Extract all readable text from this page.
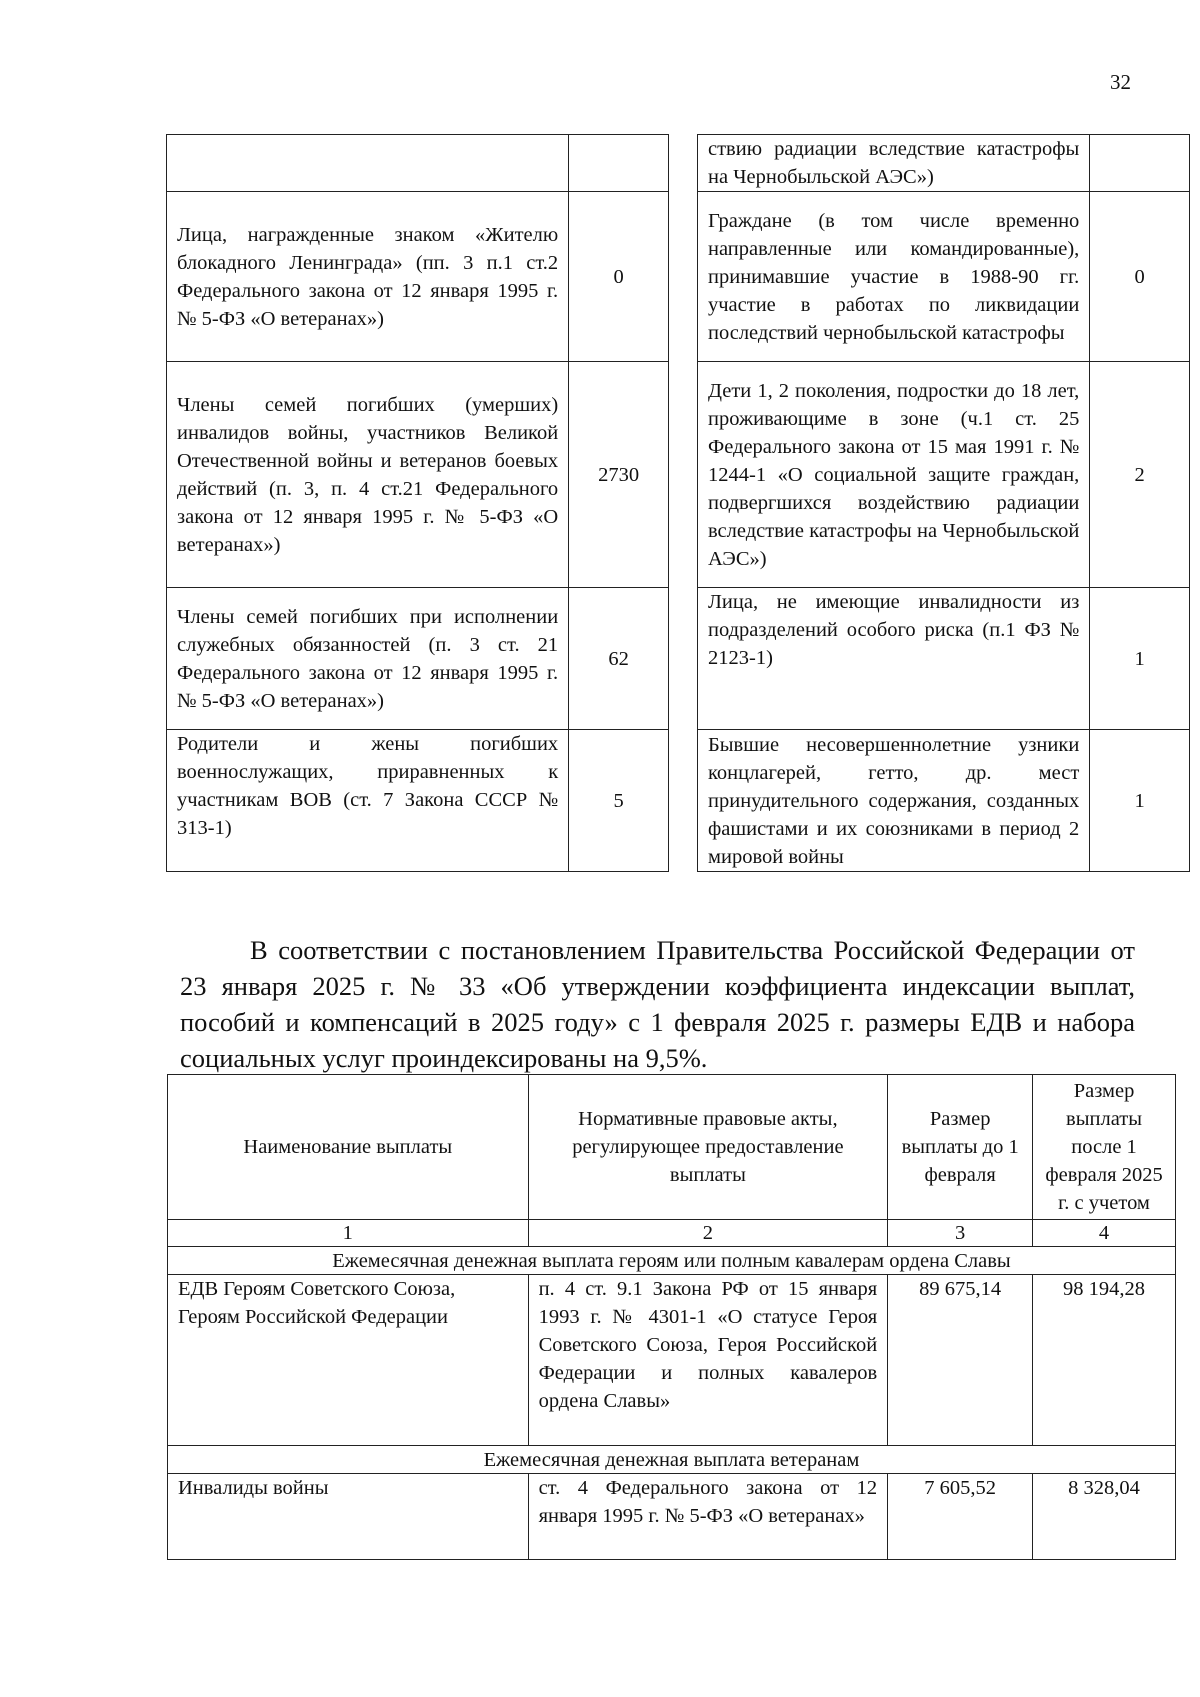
32

Лица, награжденные знаком «Жителю блокадного Ленинграда» (пп. 3 п.1 ст.2 Федерального закона от 12 января 1995 г. № 5-ФЗ «О ветеранах»)	0
Члены семей погибших (умерших) инвалидов войны, участников Великой Отечественной войны и ветеранов боевых действий (п. 3, п. 4 ст.21 Федерального закона от 12 января 1995 г. № 5-ФЗ «О ветеранах»)	2730
Члены семей погибших при исполнении служебных обязанностей (п. 3 ст. 21 Федерального закона от 12 января 1995 г. № 5-ФЗ «О ветеранах»)	62
Родители и жены погибших военнослужащих, приравненных к участникам ВОВ (ст. 7 Закона СССР № 313-1)	5
ствию радиации вследствие катастрофы на Чернобыльской АЭС»)	
Граждане (в том числе временно направленные или командированные), принимавшие участие в 1988-90 гг. участие в работах по ликвидации последствий чернобыльской катастрофы	0
Дети 1, 2 поколения, подростки до 18 лет, проживающиме в зоне (ч.1 ст. 25 Федерального закона от 15 мая 1991 г. № 1244-1 «О социальной защите граждан, подвергшихся воздействию радиации вследствие катастрофы на Чернобыльской АЭС»)	2
Лица, не имеющие инвалидности из подразделений особого риска (п.1 ФЗ № 2123-1)	1
Бывшие несовершеннолетние узники концлагерей, гетто, др. мест принудительного содержания, созданных фашистами и их союзниками в период 2 мировой войны	1

В соответствии с постановлением Правительства Российской Федерации от 23 января 2025 г. № 33 «Об утверждении коэффициента индексации выплат, пособий и компенсаций в 2025 году» с 1 февраля 2025 г. размеры ЕДВ и набора социальных услуг проиндексированы на 9,5%.

Наименование выплаты	Нормативные правовые акты, регулирующее предоставление выплаты	Размер выплаты до 1 февраля	Размер выплаты после 1 февраля 2025 г. с учетом
1	2	3	4
Ежемесячная денежная выплата героям или полным кавалерам ордена Славы			
ЕДВ Героям Советского Союза, Героям Российской Федерации	п. 4 ст. 9.1 Закона РФ от 15 января 1993 г. № 4301-1 «О статусе Героя Советского Союза, Героя Российской Федерации и полных кавалеров ордена Славы»	89 675,14	98 194,28
Ежемесячная денежная выплата ветеранам			
Инвалиды войны	ст. 4 Федерального закона от 12 января 1995 г. № 5-ФЗ «О ветеранах»	7 605,52	8 328,04
